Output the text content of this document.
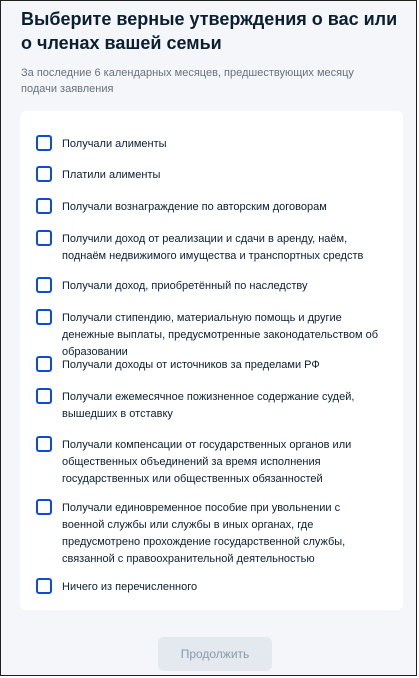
Выберите верные утверждения о вас или о членах вашей семьи

За последние 6 календарных месяцев, предшествующих месяцу подачи заявления

Получали алименты
Платили алименты
Получали вознаграждение по авторским договорам
Получили доход от реализации и сдачи в аренду, наём, поднаём недвижимого имущества и транспортных средств
Получали доход, приобретённый по наследству
Получали стипендию, материальную помощь и другие денежные выплаты, предусмотренные законодательством об образовании
Получали доходы от источников за пределами РФ
Получали ежемесячное пожизненное содержание судей, вышедших в отставку
Получали компенсации от государственных органов или общественных объединений за время исполнения государственных или общественных обязанностей
Получали единовременное пособие при увольнении с военной службы или службы в иных органах, где предусмотрено прохождение государственной службы, связанной с правоохранительной деятельностью
Ничего из перечисленного
Продолжить
